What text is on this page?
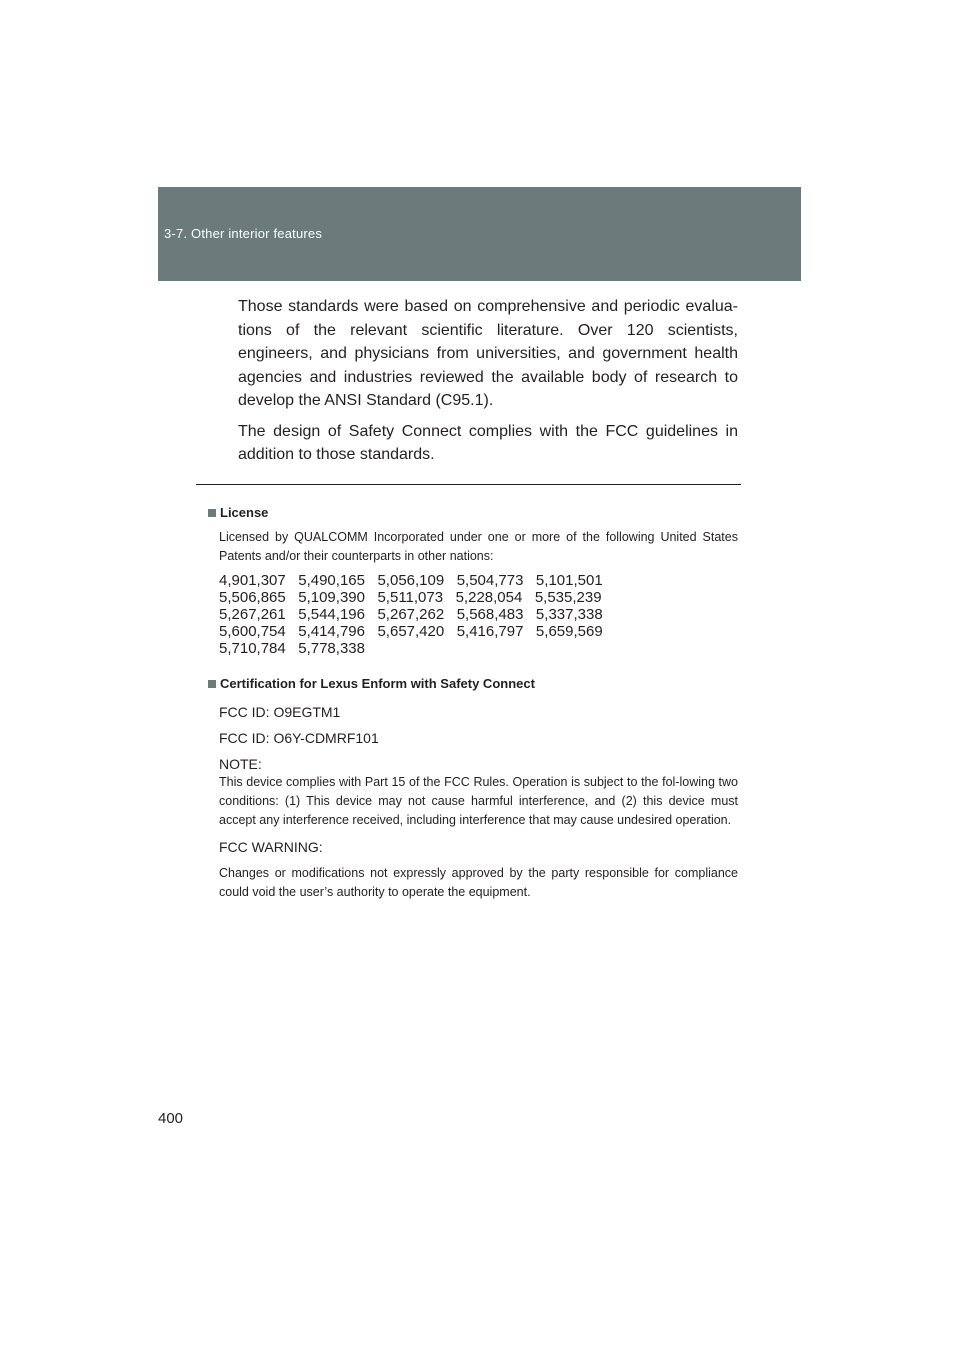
3-7. Other interior features

Those standards were based on comprehensive and periodic evalua-tions of the relevant scientific literature. Over 120 scientists, engineers, and physicians from universities, and government health agencies and industries reviewed the available body of research to develop the ANSI Standard (C95.1).

The design of Safety Connect complies with the FCC guidelines in addition to those standards.

License
Licensed by QUALCOMM Incorporated under one or more of the following United States Patents and/or their counterparts in other nations:
4,901,307   5,490,165   5,056,109   5,504,773   5,101,501
5,506,865   5,109,390   5,511,073   5,228,054   5,535,239
5,267,261   5,544,196   5,267,262   5,568,483   5,337,338
5,600,754   5,414,796   5,657,420   5,416,797   5,659,569
5,710,784   5,778,338
Certification for Lexus Enform with Safety Connect
FCC ID: O9EGTM1
FCC ID: O6Y-CDMRF101
NOTE:
This device complies with Part 15 of the FCC Rules. Operation is subject to the fol-lowing two conditions: (1) This device may not cause harmful interference, and (2) this device must accept any interference received, including interference that may cause undesired operation.
FCC WARNING:
Changes or modifications not expressly approved by the party responsible for compliance could void the user’s authority to operate the equipment.
400
